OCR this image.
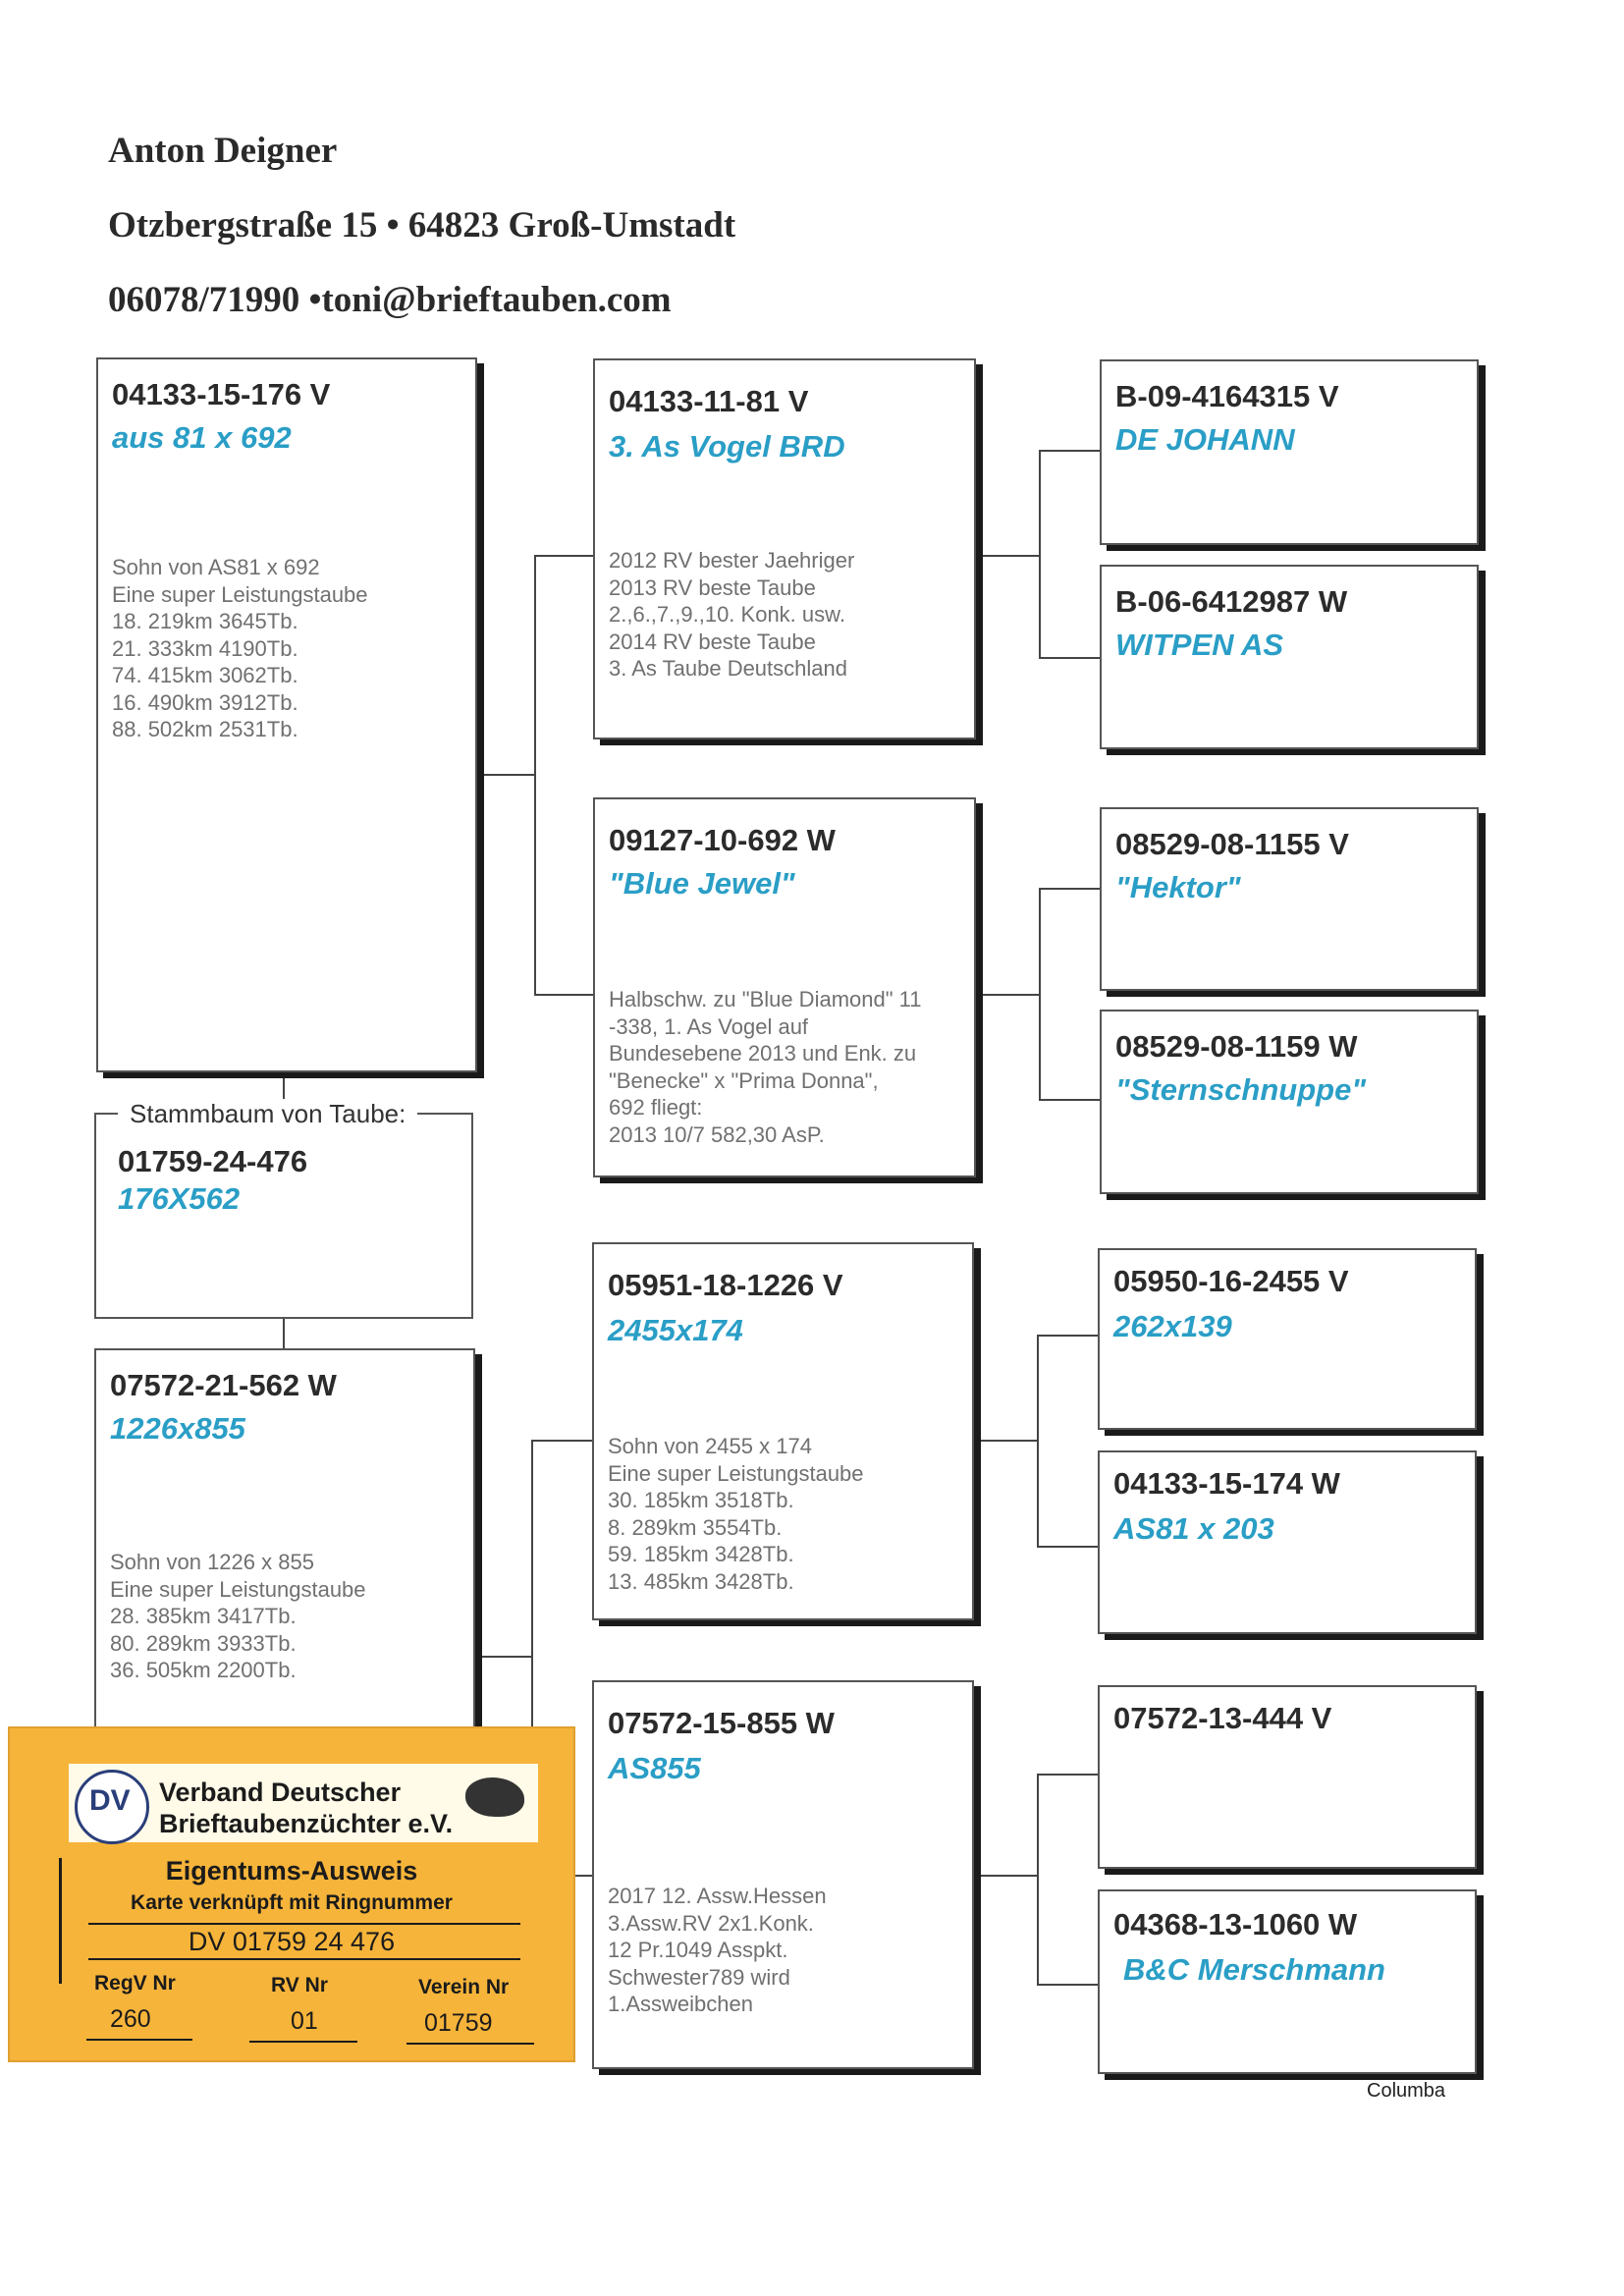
Anton Deigner
Otzbergstraße 15 • 64823 Groß-Umstadt
06078/71990 •toni@brieftauben.com
04133-15-176 V
aus 81 x 692
Sohn von AS81 x 692
Eine super Leistungstaube
18. 219km 3645Tb.
21. 333km 4190Tb.
74. 415km 3062Tb.
16. 490km 3912Tb.
88. 502km 2531Tb.
Stammbaum von Taube:
01759-24-476
176X562
07572-21-562 W
1226x855
Sohn von 1226 x 855
Eine super Leistungstaube
28. 385km 3417Tb.
80. 289km 3933Tb.
36. 505km 2200Tb.
04133-11-81 V
3. As Vogel BRD
2012 RV bester Jaehriger
2013 RV beste Taube
2.,6.,7.,9.,10. Konk. usw.
2014 RV beste Taube
3. As Taube Deutschland
09127-10-692 W
"Blue Jewel"
Halbschw. zu "Blue Diamond" 11
-338, 1. As Vogel auf
Bundesebene 2013 und Enk. zu
"Benecke" x "Prima Donna",
692 fliegt:
2013 10/7 582,30 AsP.
05951-18-1226 V
2455x174
Sohn von 2455 x 174
Eine super Leistungstaube
30. 185km 3518Tb.
8. 289km 3554Tb.
59. 185km 3428Tb.
13. 485km 3428Tb.
07572-15-855 W
AS855
2017 12. Assw.Hessen
3.Assw.RV 2x1.Konk.
12 Pr.1049 Asspkt.
Schwester789 wird
1.Assweibchen
B-09-4164315 V
DE JOHANN
B-06-6412987 W
WITPEN AS
08529-08-1155 V
"Hektor"
08529-08-1159 W
"Sternschnuppe"
05950-16-2455 V
262x139
04133-15-174 W
AS81 x 203
07572-13-444 V
04368-13-1060 W
B&C Merschmann
DV Verband Deutscher
Brieftaubenzüchter e.V.
Eigentums-Ausweis
Karte verknüpft mit Ringnummer
DV 01759 24 476
RegV Nr	RV Nr	Verein Nr
260	01	01759
Columba
